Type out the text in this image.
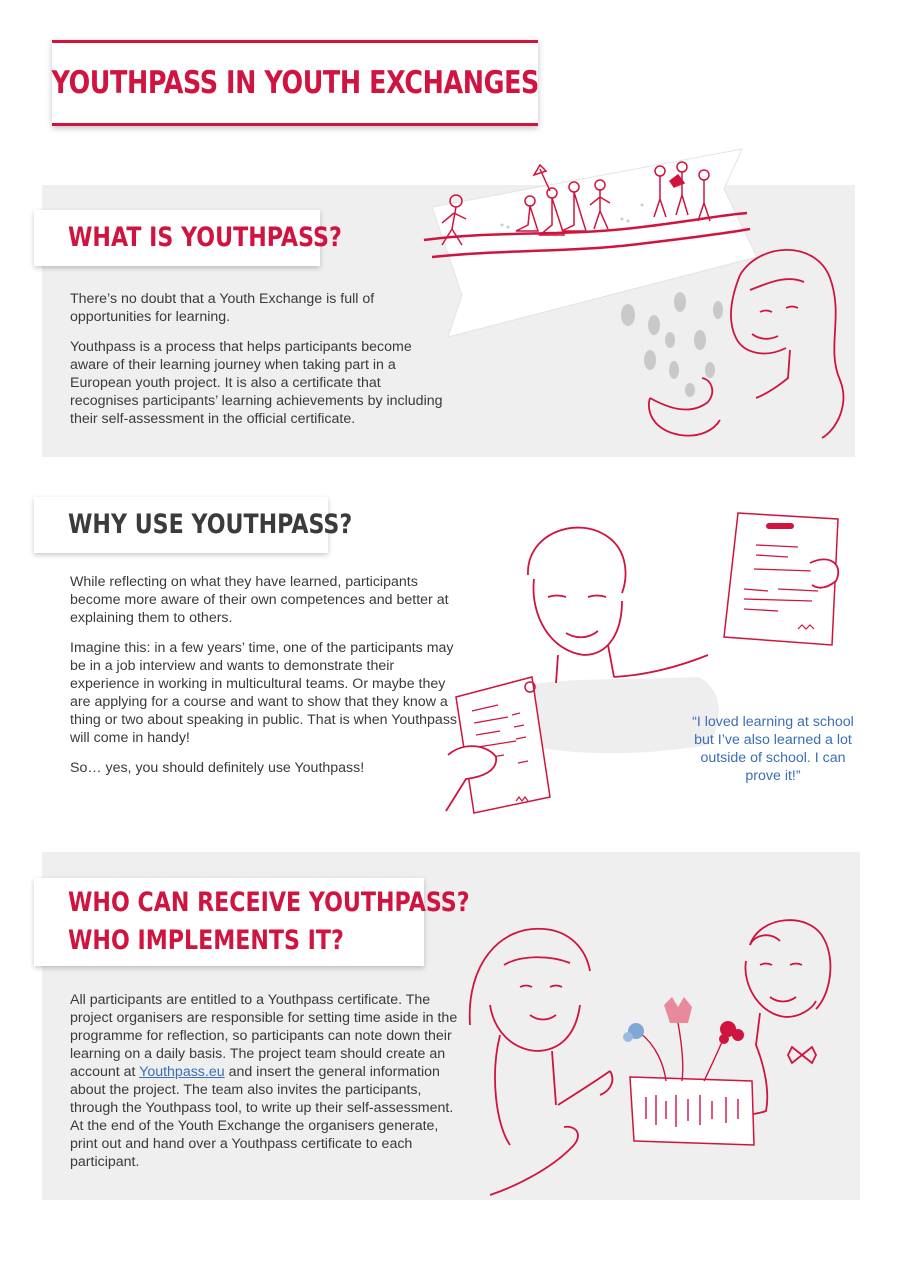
YOUTHPASS IN YOUTH EXCHANGES
WHAT IS YOUTHPASS?

There’s no doubt that a Youth Exchange is full of opportunities for learning.

Youthpass is a process that helps participants become aware of their learning journey when taking part in a European youth project. It is also a certificate that recognises participants’ learning achievements by including their self-assessment in the official certificate.

WHY USE YOUTHPASS?

While reflecting on what they have learned, participants become more aware of their own competences and better at explaining them to others.

Imagine this: in a few years’ time, one of the participants may be in a job interview and wants to demonstrate their experience in working in multicultural teams. Or maybe they are applying for a course and want to show that they know a thing or two about speaking in public. That is when Youthpass will come in handy!

So… yes, you should definitely use Youthpass!

“I loved learning at school but I’ve also learned a lot outside of school. I can prove it!”
WHO CAN RECEIVE YOUTHPASS?
WHO IMPLEMENTS IT?

All participants are entitled to a Youthpass certificate. The project organisers are responsible for setting time aside in the programme for reflection, so participants can note down their learning on a daily basis. The project team should create an account at Youthpass.eu and insert the general information about the project. The team also invites the participants, through the Youthpass tool, to write up their self-assessment. At the end of the Youth Exchange the organisers generate, print out and hand over a Youthpass certificate to each participant.
